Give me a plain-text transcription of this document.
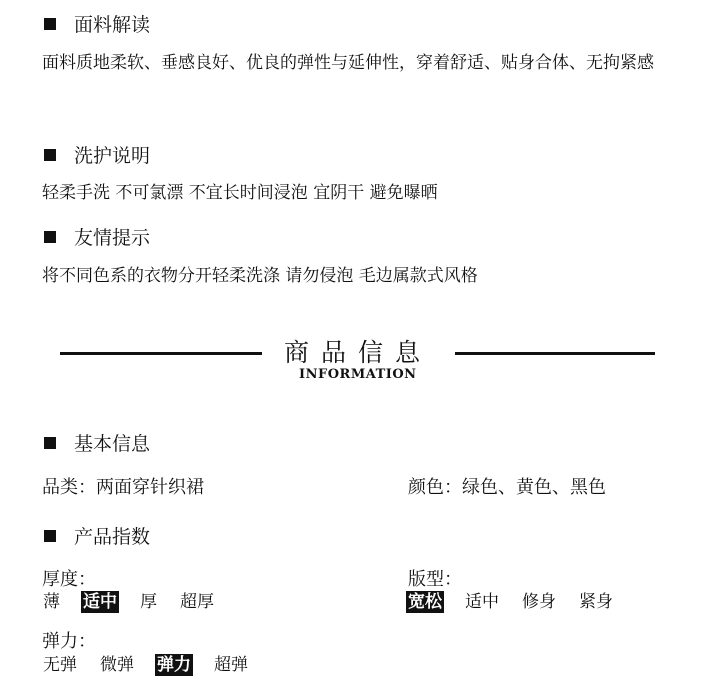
面料解读
面料质地柔软、垂感良好、优良的弹性与延伸性，穿着舒适、贴身合体、无拘紧感
洗护说明
轻柔手洗 不可氯漂 不宜长时间浸泡 宜阴干 避免曝晒
友情提示
将不同色系的衣物分开轻柔洗涤 请勿侵泡 毛边属款式风格
商品信息
INFORMATION
基本信息
品类：两面穿针织裙	颜色：绿色、黄色、黑色
产品指数
厚度：
薄 适中 厚 超厚
版型：
宽松 适中 修身 紧身
弹力：
无弹 微弹 弹力 超弹
